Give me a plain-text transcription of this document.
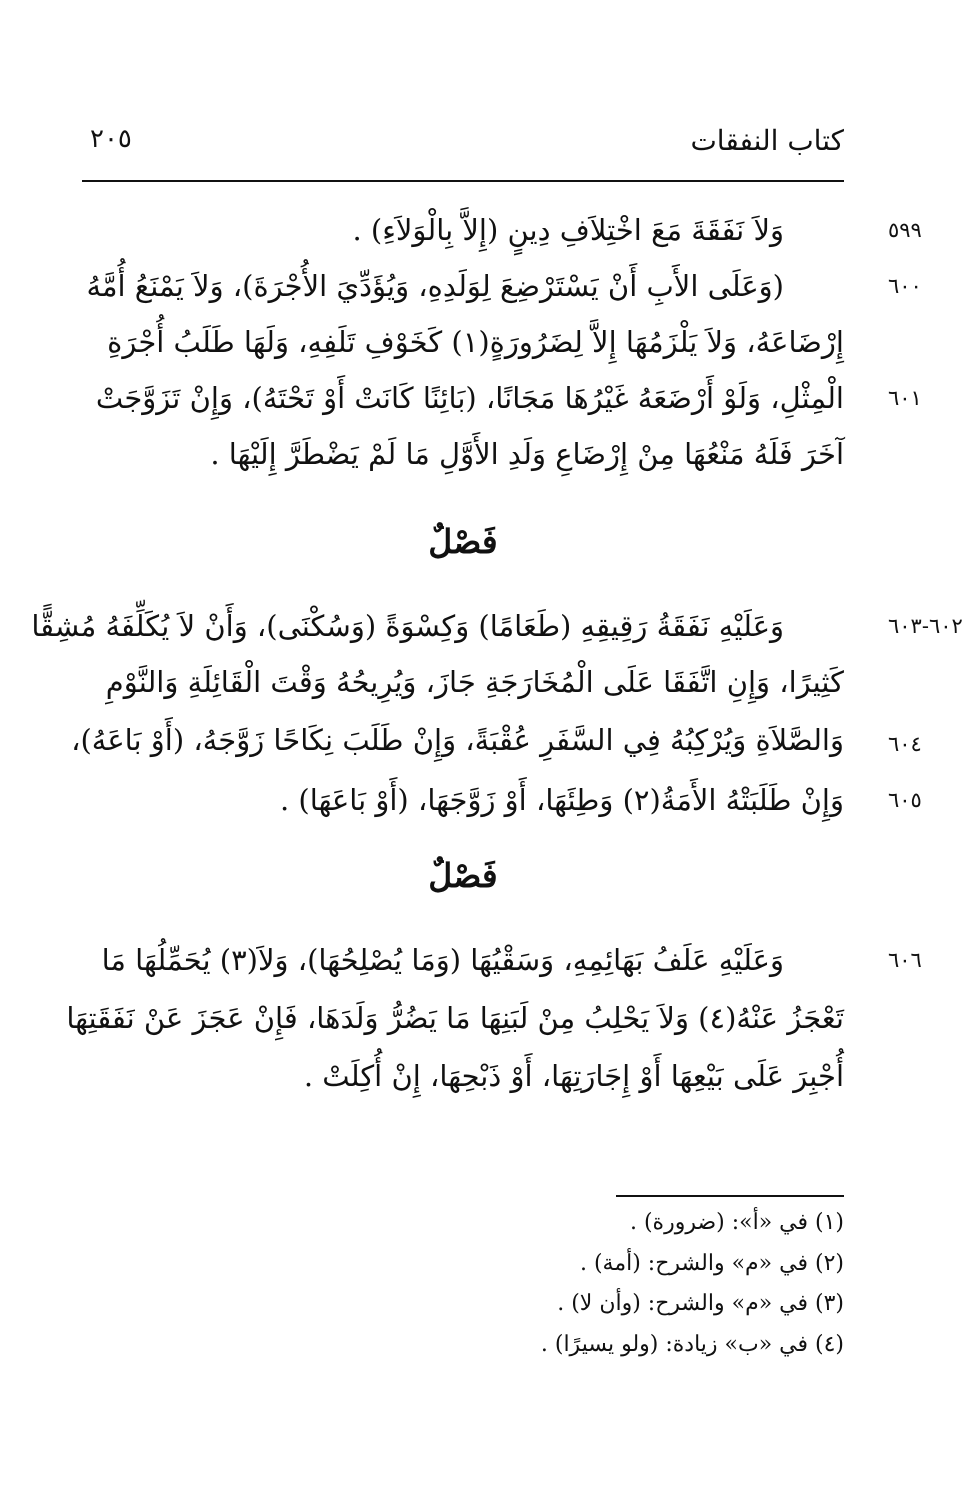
كتاب النفقات
٢٠٥
٥٩٩
وَلاَ نَفَقَةَ مَعَ اخْتِلاَفِ دِينٍ (إِلاَّ بِالْوَلاَءِ) .
٦٠٠
(وَعَلَى الأَبِ أَنْ يَسْتَرْضِعَ لِوَلَدِهِ، وَيُؤَدِّيَ الأُجْرَةَ)، وَلاَ يَمْنَعُ أُمَّهُ
إِرْضَاعَهُ، وَلاَ يَلْزَمُهَا إِلاَّ لِضَرُورَةٍ(١) كَخَوْفِ تَلَفِهِ، وَلَهَا طَلَبُ أُجْرَةِ
٦٠١
الْمِثْلِ، وَلَوْ أَرْضَعَهُ غَيْرُهَا مَجَانًا، (بَائِنًا كَانَتْ أَوْ تَحْتَهُ)، وَإِنْ تَزَوَّجَتْ
آخَرَ فَلَهُ مَنْعُهَا مِنْ إِرْضَاعِ وَلَدِ الأَوَّلِ مَا لَمْ يَضْطَرَّ إِلَيْهَا .
فَصْلٌ
٦٠٢-٦٠٣
وَعَلَيْهِ نَفَقَةُ رَقِيقِهِ (طَعَامًا) وَكِسْوَةً (وَسُكْنَى)، وَأَنْ لاَ يُكَلِّفَهُ مُشِقًّا
كَثِيرًا، وَإِنِ اتَّفَقَا عَلَى الْمُخَارَجَةِ جَازَ، وَيُرِيحُهُ وَقْتَ الْقَائِلَةِ وَالنَّوْمِ
٦٠٤
وَالصَّلاَةِ وَيُرْكِبُهُ فِي السَّفَرِ عُقْبَةً، وَإِنْ طَلَبَ نِكَاحًا زَوَّجَهُ، (أَوْ بَاعَهُ)،
٦٠٥
وَإِنْ طَلَبَتْهُ الأَمَةُ(٢) وَطِئَهَا، أَوْ زَوَّجَهَا، (أَوْ بَاعَهَا) .
فَصْلٌ
٦٠٦
وَعَلَيْهِ عَلَفُ بَهَائِمِهِ، وَسَقْيُهَا (وَمَا يُصْلِحُهَا)، وَلاَ(٣) يُحَمِّلُهَا مَا
تَعْجَزُ عَنْهُ(٤) وَلاَ يَحْلِبُ مِنْ لَبَنِهَا مَا يَضُرُّ وَلَدَهَا، فَإِنْ عَجَزَ عَنْ نَفَقَتِهَا
أُجْبِرَ عَلَى بَيْعِهَا أَوْ إِجَارَتِهَا، أَوْ ذَبْحِهَا، إِنْ أُكِلَتْ .
(١) في «أ»: (ضرورة) .
(٢) في «م» والشرح: (أمة) .
(٣) في «م» والشرح: (وأن لا) .
(٤) في «ب» زيادة: (ولو يسيرًا) .
